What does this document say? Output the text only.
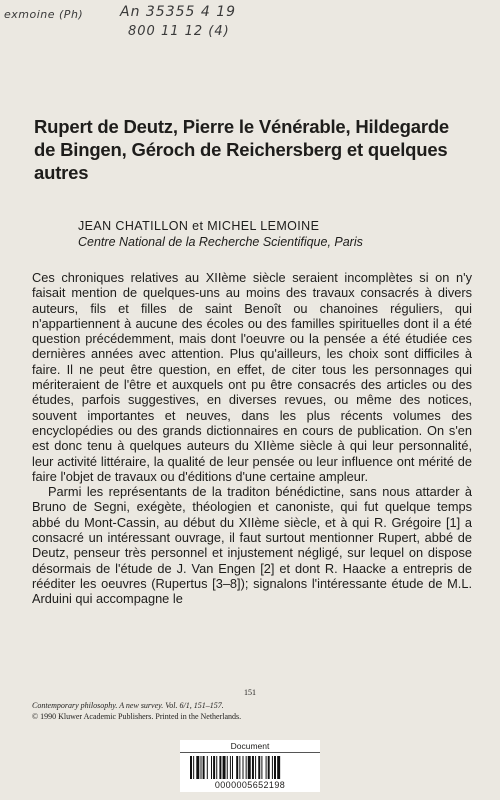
exmoine (Ph)	An 35355 4 19
800 11 12 (4)
Rupert de Deutz, Pierre le Vénérable, Hildegarde de Bingen, Géroch de Reichersberg et quelques autres
JEAN CHATILLON et MICHEL LEMOINE
Centre National de la Recherche Scientifique, Paris

Ces chroniques relatives au XIIème siècle seraient incomplètes si on n'y faisait mention de quelques-uns au moins des travaux consacrés à divers auteurs, fils et filles de saint Benoît ou chanoines réguliers, qui n'appartiennent à aucune des écoles ou des familles spirituelles dont il a été question précédemment, mais dont l'oeuvre ou la pensée a été étudiée ces dernières années avec attention. Plus qu'ailleurs, les choix sont difficiles à faire. Il ne peut être question, en effet, de citer tous les personnages qui mériteraient de l'être et auxquels ont pu être consacrés des articles ou des études, parfois suggestives, en diverses revues, ou même des notices, souvent importantes et neuves, dans les plus récents volumes des encyclopédies ou des grands dictionnaires en cours de publication. On s'en est donc tenu à quelques auteurs du XIIème siècle à qui leur personnalité, leur activité littéraire, la qualité de leur pensée ou leur influence ont mérité de faire l'objet de travaux ou d'éditions d'une certaine ampleur.

Parmi les représentants de la traditon bénédictine, sans nous attarder à Bruno de Segni, exégète, théologien et canoniste, qui fut quelque temps abbé du Mont-Cassin, au début du XIIème siècle, et à qui R. Grégoire [1] a consacré un intéressant ouvrage, il faut surtout mentionner Rupert, abbé de Deutz, penseur très personnel et injustement négligé, sur lequel on dispose désormais de l'étude de J. Van Engen [2] et dont R. Haacke a entrepris de rééditer les oeuvres (Rupertus [3–8]); signalons l'intéressante étude de M.L. Arduini qui accompagne le

151
Contemporary philosophy. A new survey. Vol. 6/1, 151–157.
© 1990 Kluwer Academic Publishers. Printed in the Netherlands.
Document
0000005652198
